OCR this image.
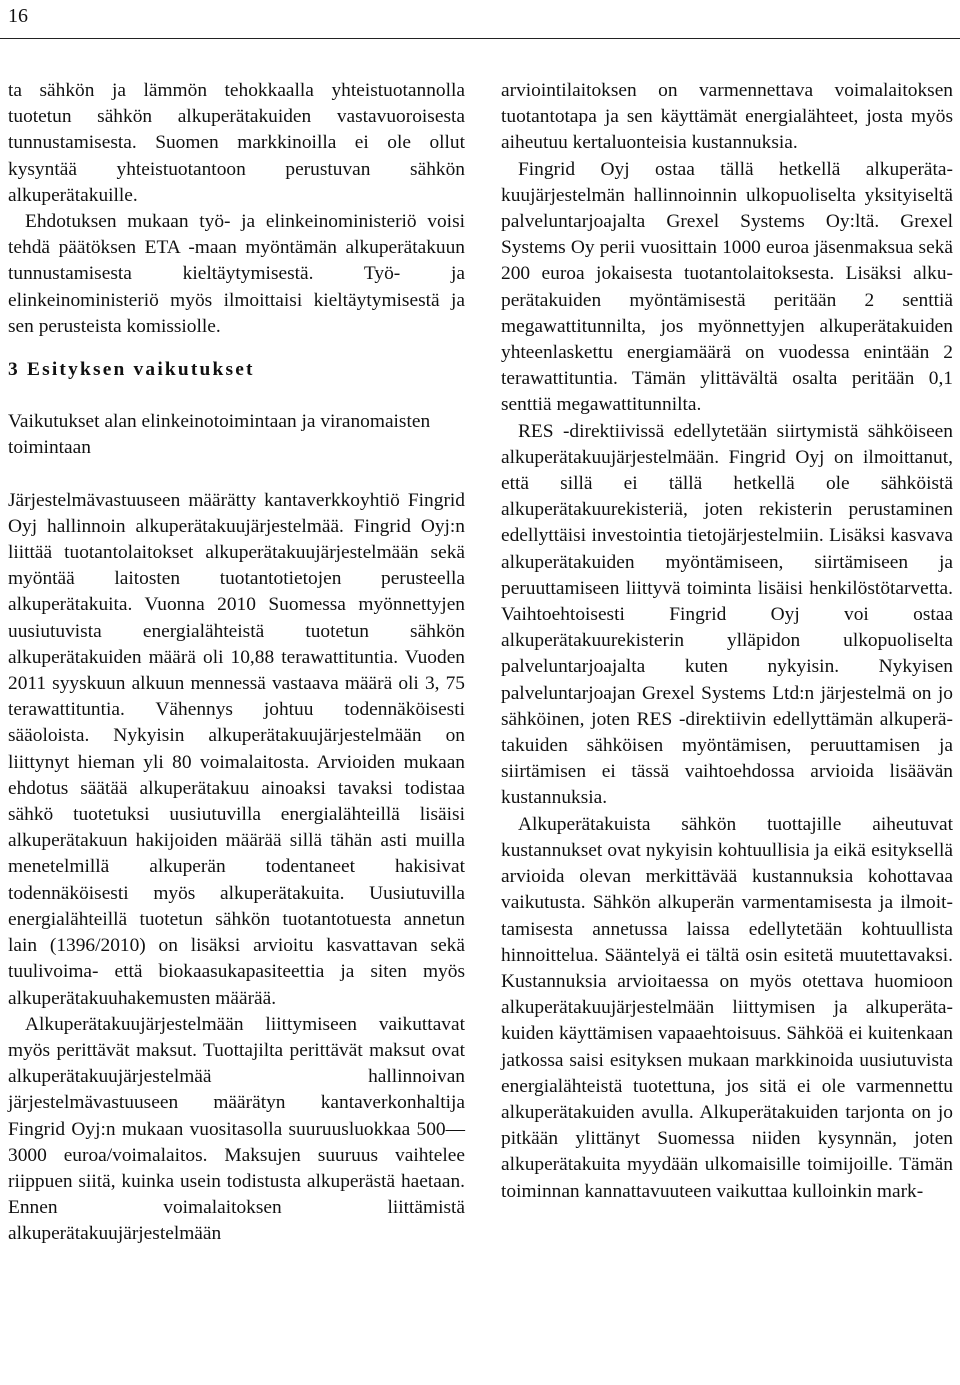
16

ta sähkön ja lämmön tehokkaalla yhteistuotannolla tuotetun sähkön alkuperätakuiden vastavuoroisesta tunnustamisesta. Suomen markkinoilla ei ole ollut kysyntää yhteistuotantoon perustuvan sähkön alkuperätakuille.

Ehdotuksen mukaan työ- ja elinkeinoministeriö voisi tehdä päätöksen ETA -maan myöntämän alkuperätakuun tunnustamisesta kieltäytymisestä. Työ- ja elinkeinoministeriö myös ilmoittaisi kieltäytymisestä ja sen perusteista komissiolle.

3 Esityksen vaikutukset

Vaikutukset alan elinkeinotoimintaan ja viranomaisten toimintaan

Järjestelmävastuuseen määrätty kantaverkkoyhtiö Fingrid Oyj hallinnoin alkuperätakuujärjestelmää. Fingrid Oyj:n liittää tuotantolaitokset alkuperätakuujärjestelmään sekä myöntää laitosten tuotantotietojen perusteella alkuperätakuita. Vuonna 2010 Suomessa myönnettyjen uusiutuvista energialähteistä tuotetun sähkön alkuperätakuiden määrä oli 10,88 terawattituntia. Vuoden 2011 syyskuun alkuun mennessä vastaava määrä oli 3, 75 terawattituntia. Vähennys johtuu todennäköisesti sääoloista. Nykyisin alkuperätakuujärjestelmään on liittynyt hieman yli 80 voimalaitosta. Arvioiden mukaan ehdotus säätää alkuperätakuu ainoaksi tavaksi todistaa sähkö tuotetuksi uusiutuvilla energialähteillä lisäisi alkuperätakuun hakijoiden määrää sillä tähän asti muilla menetelmillä alkuperän todentaneet hakisivat todennäköisesti myös alkuperätakuita. Uusiutuvilla energialähteillä tuotetun sähkön tuotantotuesta annetun lain (1396/2010) on lisäksi arvioitu kasvattavan sekä tuulivoima- että biokaasukapasiteettia ja siten myös alkuperätakuuhakemusten määrää.

Alkuperätakuujärjestelmään liittymiseen vaikuttavat myös perittävät maksut. Tuottajilta perittävät maksut ovat alkuperätakuujärjestelmää hallinnoivan järjestelmävastuuseen määrätyn kantaverkonhaltija Fingrid Oyj:n mukaan vuositasolla suuruusluokkaa 500— 3000 euroa/voimalaitos. Maksujen suuruus vaihtelee riippuen siitä, kuinka usein todistusta alkuperästä haetaan. Ennen voimalaitoksen liittämistä alkuperätakuujärjestelmään

arviointilaitoksen on varmennettava voimalaitoksen tuotantotapa ja sen käyttämät energialähteet, josta myös aiheutuu kertaluonteisia kustannuksia.

Fingrid Oyj ostaa tällä hetkellä alkuperätakuujärjestelmän hallinnoinnin ulkopuoliselta yksityiseltä palveluntarjoajalta Grexel Systems Oy:ltä. Grexel Systems Oy perii vuosittain 1000 euroa jäsenmaksua sekä 200 euroa jokaisesta tuotantolaitoksesta. Lisäksi alkuperätakuiden myöntämisestä peritään 2 senttiä megawattitunnilta, jos myönnettyjen alkuperätakuiden yhteenlaskettu energiamäärä on vuodessa enintään 2 terawattituntia. Tämän ylittävältä osalta peritään 0,1 senttiä megawattitunnilta.

RES -direktiivissä edellytetään siirtymistä sähköiseen alkuperätakuujärjestelmään. Fingrid Oyj on ilmoittanut, että sillä ei tällä hetkellä ole sähköistä alkuperätakuurekisteriä, joten rekisterin perustaminen edellyttäisi investointia tietojärjestelmiin. Lisäksi kasvava alkuperätakuiden myöntämiseen, siirtämiseen ja peruuttamiseen liittyvä toiminta lisäisi henkilöstötarvetta. Vaihtoehtoisesti Fingrid Oyj voi ostaa alkuperätakuurekisterin ylläpidon ulkopuoliselta palveluntarjoajalta kuten nykyisin. Nykyisen palveluntarjoajan Grexel Systems Ltd:n järjestelmä on jo sähköinen, joten RES -direktiivin edellyttämän alkuperätakuiden sähköisen myöntämisen, peruuttamisen ja siirtämisen ei tässä vaihtoehdossa arvioida lisäävän kustannuksia.

Alkuperätakuista sähkön tuottajille aiheutuvat kustannukset ovat nykyisin kohtuullisia ja eikä esityksellä arvioida olevan merkittävää kustannuksia kohottavaa vaikutusta. Sähkön alkuperän varmentamisesta ja ilmoittamisesta annetussa laissa edellytetään kohtuullista hinnoittelua. Sääntelyä ei tältä osin esitetä muutettavaksi. Kustannuksia arvioitaessa on myös otettava huomioon alkuperätakuujärjestelmään liittymisen ja alkuperätakuiden käyttämisen vapaaehtoisuus. Sähköä ei kuitenkaan jatkossa saisi esityksen mukaan markkinoida uusiutuvista energialähteistä tuotettuna, jos sitä ei ole varmennettu alkuperätakuiden avulla. Alkuperätakuiden tarjonta on jo pitkään ylittänyt Suomessa niiden kysynnän, joten alkuperätakuita myydään ulkomaisille toimijoille. Tämän toiminnan kannattavuuteen vaikuttaa kulloinkin mark-
